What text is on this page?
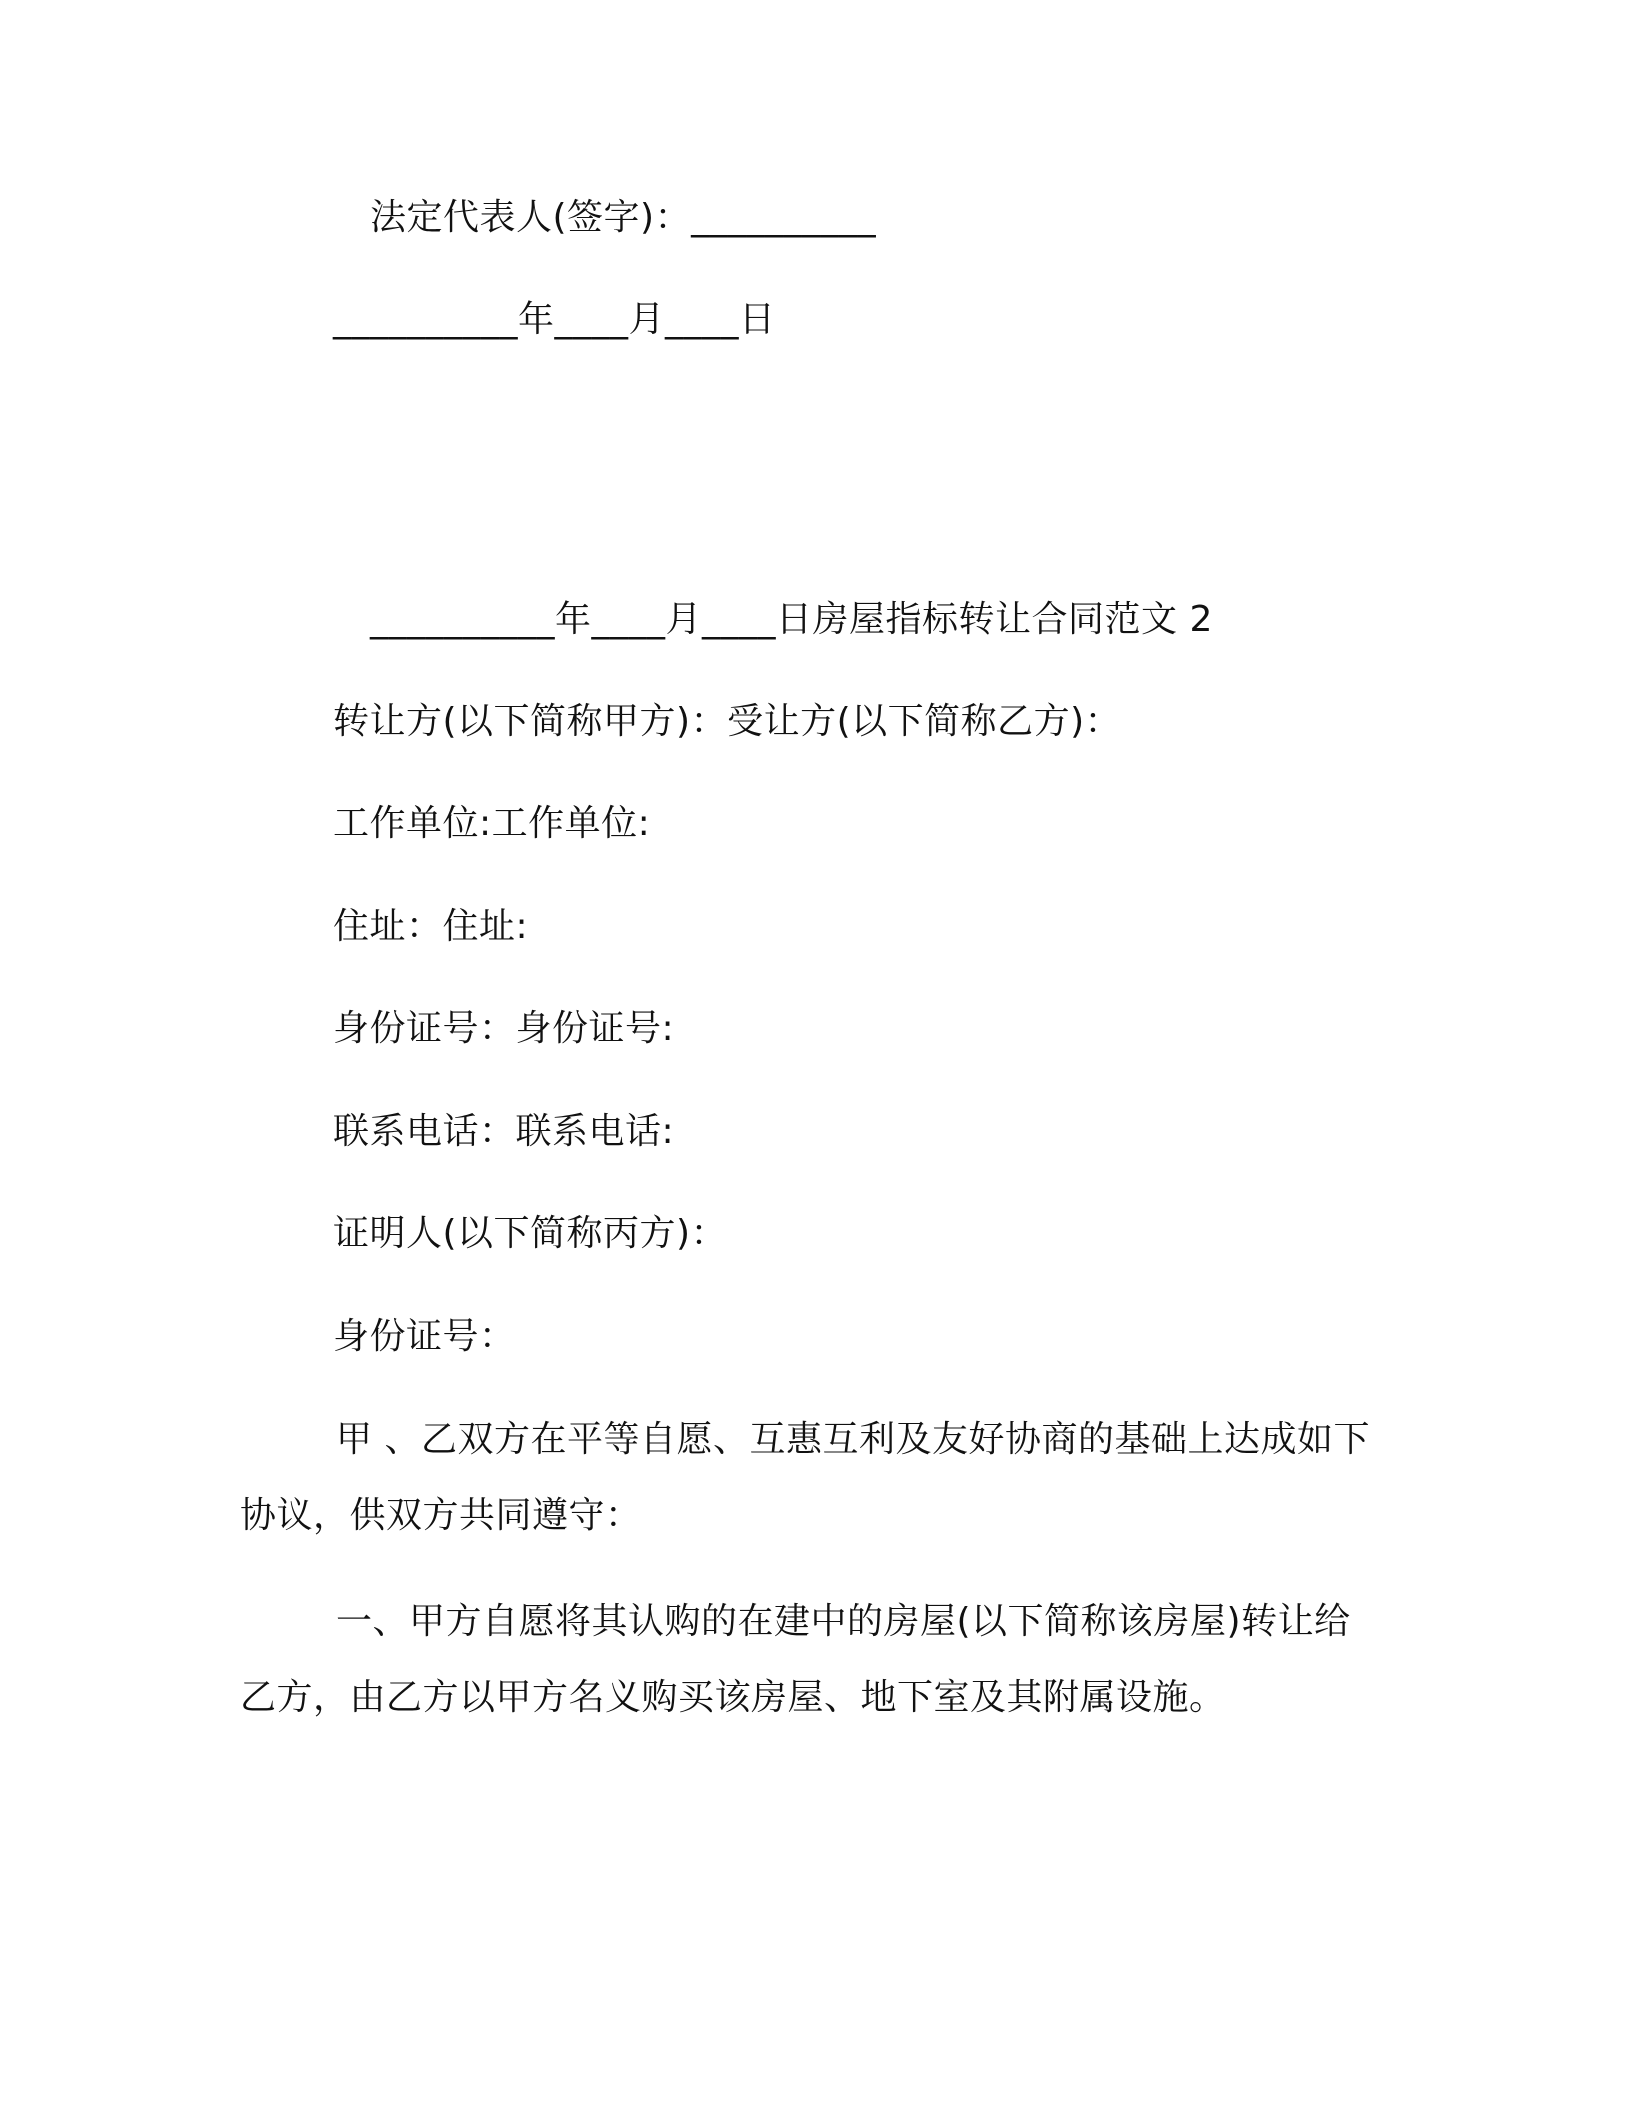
法定代表人(签字)：__________
__________年____月____日
__________年____月____日房屋指标转让合同范文 2
转让方(以下简称甲方)：受让方(以下简称乙方)：
工作单位:工作单位:
住址：住址:
身份证号：身份证号:
联系电话：联系电话:
证明人(以下简称丙方)：
身份证号：
甲 、乙双方在平等自愿、互惠互利及友好协商的基础上达成如下协议，供双方共同遵守：
一、甲方自愿将其认购的在建中的房屋(以下简称该房屋)转让给乙方，由乙方以甲方名义购买该房屋、地下室及其附属设施。
